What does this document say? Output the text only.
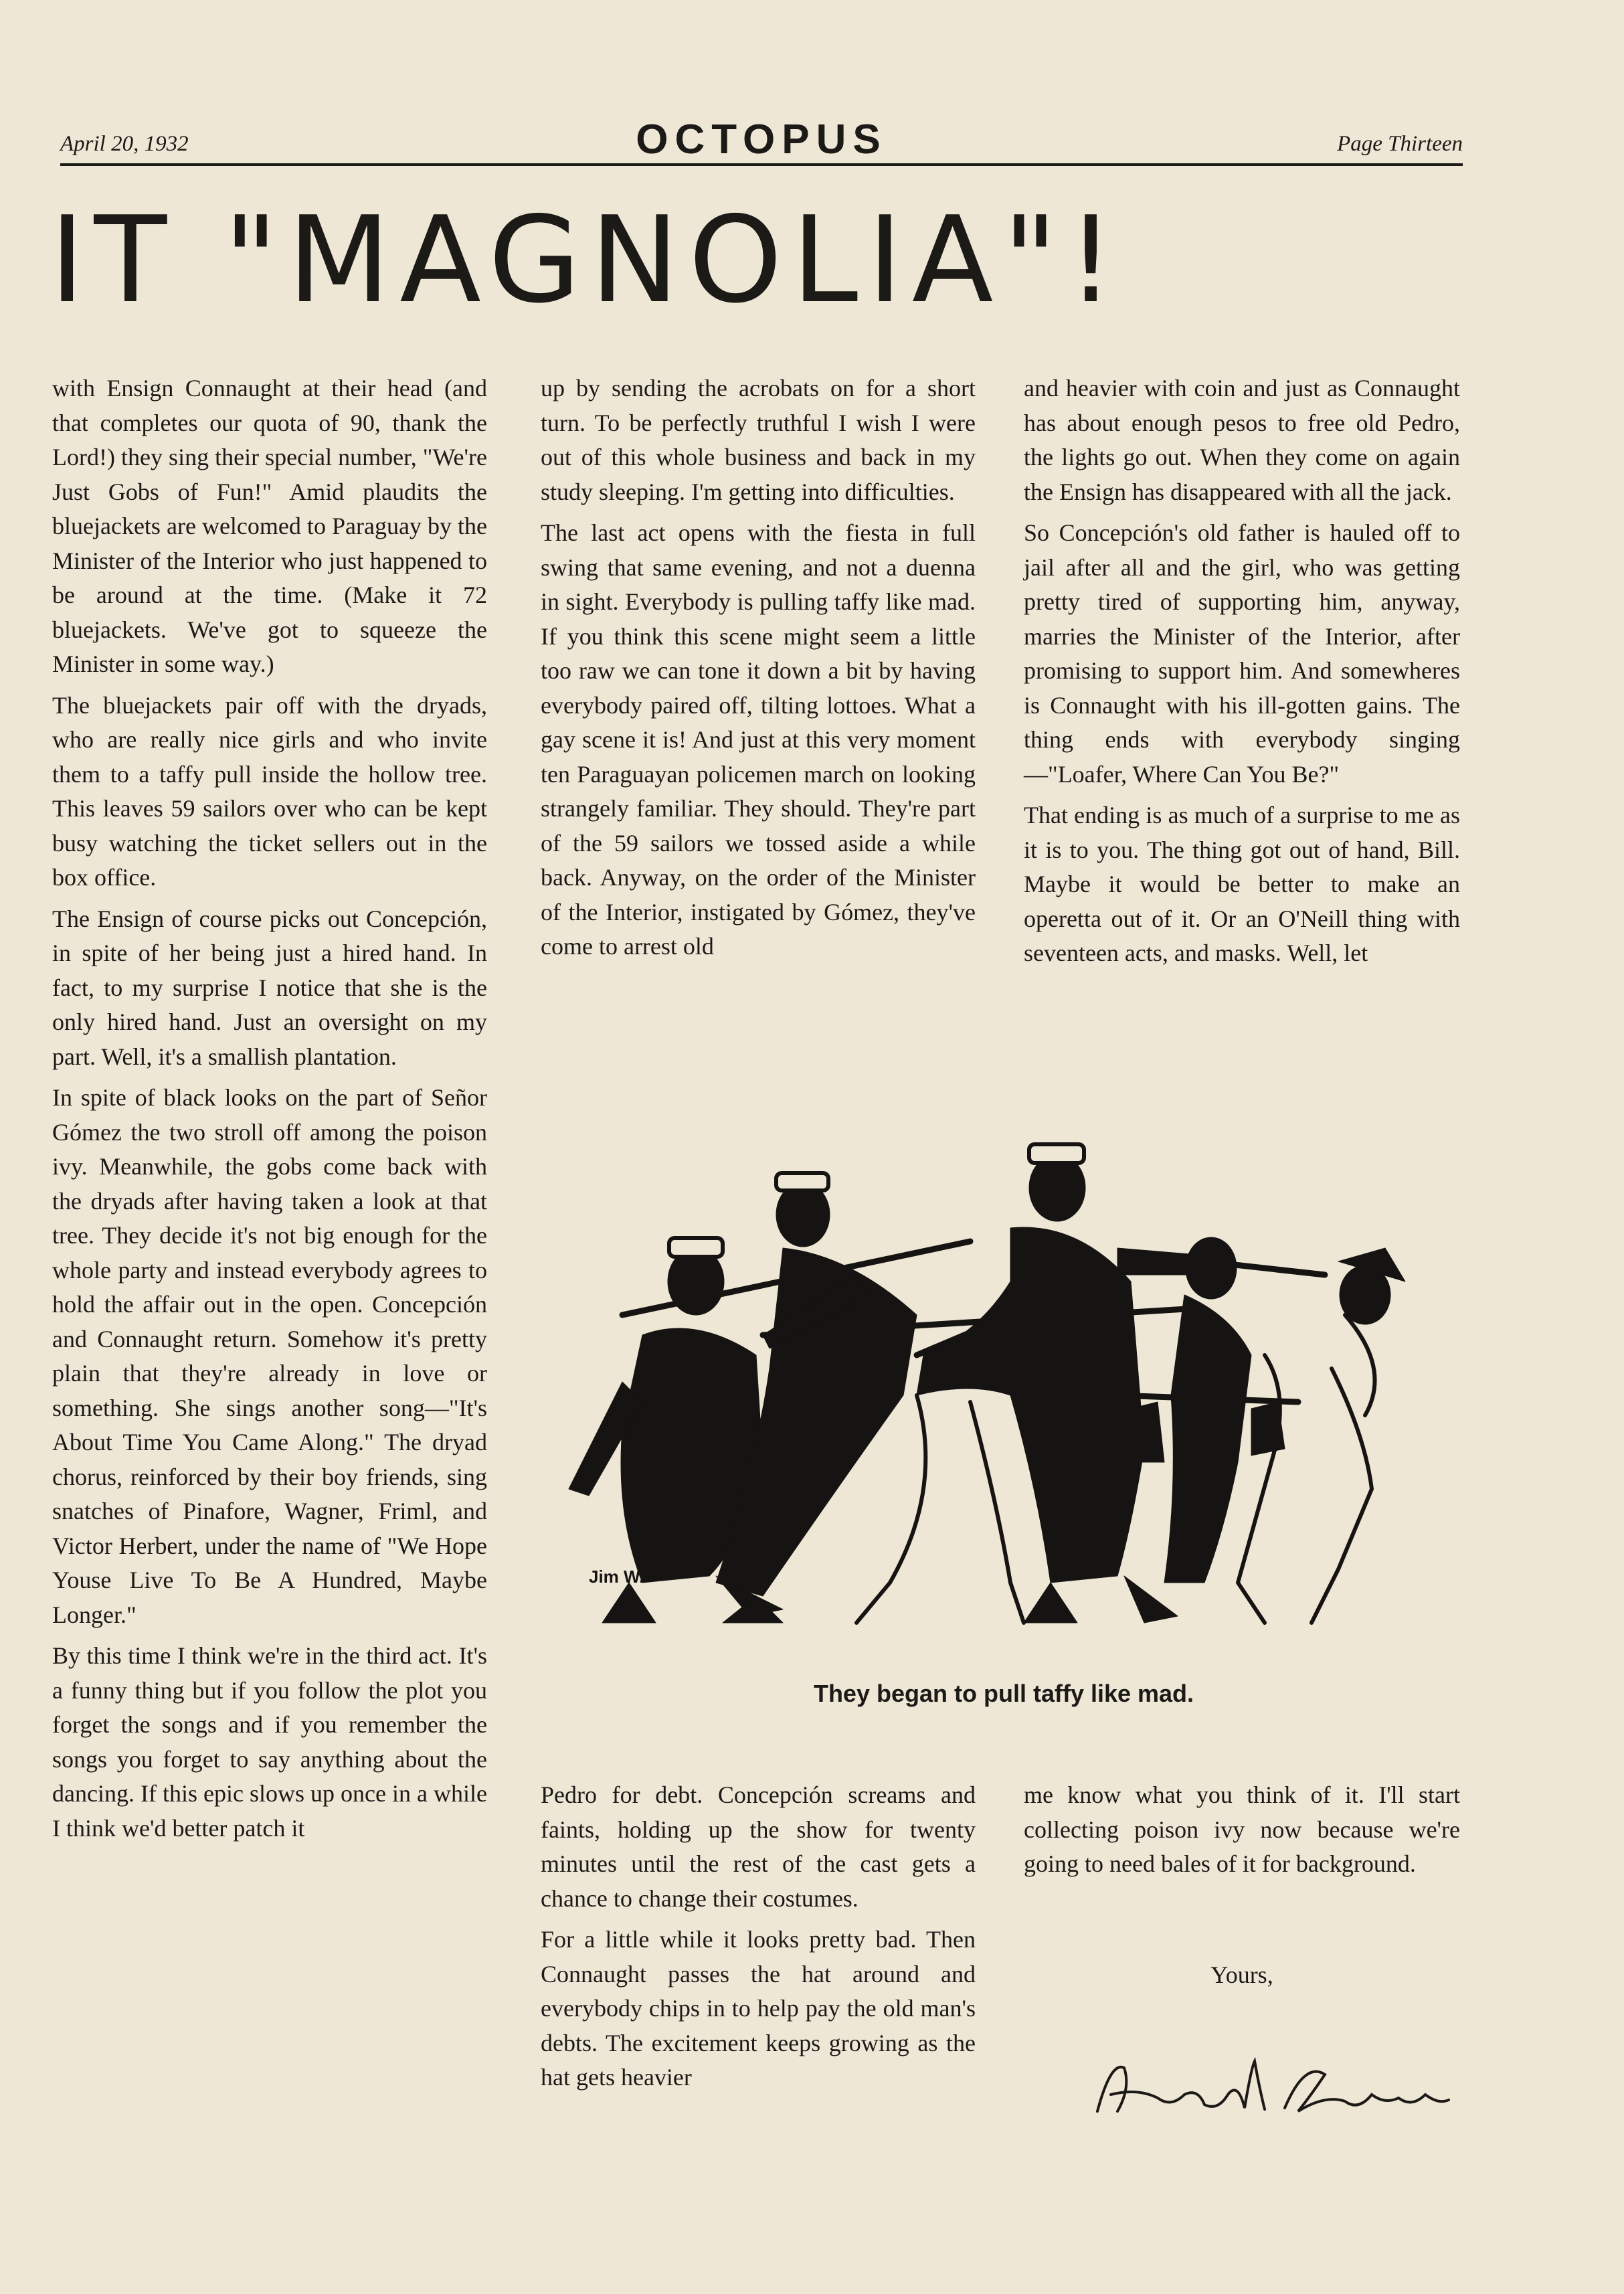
April 20, 1932	OCTOPUS	Page Thirteen
IT "MAGNOLIA"!

with Ensign Connaught at their head (and that completes our quota of 90, thank the Lord!) they sing their special number, "We're Just Gobs of Fun!" Amid plaudits the bluejackets are welcomed to Paraguay by the Minister of the Interior who just happened to be around at the time. (Make it 72 bluejackets. We've got to squeeze the Minister in some way.)

The bluejackets pair off with the dryads, who are really nice girls and who invite them to a taffy pull inside the hollow tree. This leaves 59 sailors over who can be kept busy watching the ticket sellers out in the box office.

The Ensign of course picks out Concepción, in spite of her being just a hired hand. In fact, to my surprise I notice that she is the only hired hand. Just an oversight on my part. Well, it's a smallish plantation.

In spite of black looks on the part of Señor Gómez the two stroll off among the poison ivy. Meanwhile, the gobs come back with the dryads after having taken a look at that tree. They decide it's not big enough for the whole party and instead everybody agrees to hold the affair out in the open. Concepción and Connaught return. Somehow it's pretty plain that they're already in love or something. She sings another song—"It's About Time You Came Along." The dryad chorus, reinforced by their boy friends, sing snatches of Pinafore, Wagner, Friml, and Victor Herbert, under the name of "We Hope Youse Live To Be A Hundred, Maybe Longer."

By this time I think we're in the third act. It's a funny thing but if you follow the plot you forget the songs and if you remember the songs you forget to say anything about the dancing. If this epic slows up once in a while I think we'd better patch it

up by sending the acrobats on for a short turn. To be perfectly truthful I wish I were out of this whole business and back in my study sleeping. I'm getting into difficulties.

The last act opens with the fiesta in full swing that same evening, and not a duenna in sight. Everybody is pulling taffy like mad. If you think this scene might seem a little too raw we can tone it down a bit by having everybody paired off, tilting lottoes. What a gay scene it is! And just at this very moment ten Paraguayan policemen march on looking strangely familiar. They should. They're part of the 59 sailors we tossed aside a while back. Anyway, on the order of the Minister of the Interior, instigated by Gómez, they've come to arrest old

and heavier with coin and just as Connaught has about enough pesos to free old Pedro, the lights go out. When they come on again the Ensign has disappeared with all the jack.

So Concepción's old father is hauled off to jail after all and the girl, who was getting pretty tired of supporting him, anyway, marries the Minister of the Interior, after promising to support him. And somewheres is Connaught with his ill-gotten gains. The thing ends with everybody singing—"Loafer, Where Can You Be?"

That ending is as much of a surprise to me as it is to you. The thing got out of hand, Bill. Maybe it would be better to make an operetta out of it. Or an O'Neill thing with seventeen acts, and masks. Well, let

Jim W.
They began to pull taffy like mad.

Pedro for debt. Concepción screams and faints, holding up the show for twenty minutes until the rest of the cast gets a chance to change their costumes.

For a little while it looks pretty bad. Then Connaught passes the hat around and everybody chips in to help pay the old man's debts. The excitement keeps growing as the hat gets heavier

me know what you think of it. I'll start collecting poison ivy now because we're going to need bales of it for background.

Yours,
